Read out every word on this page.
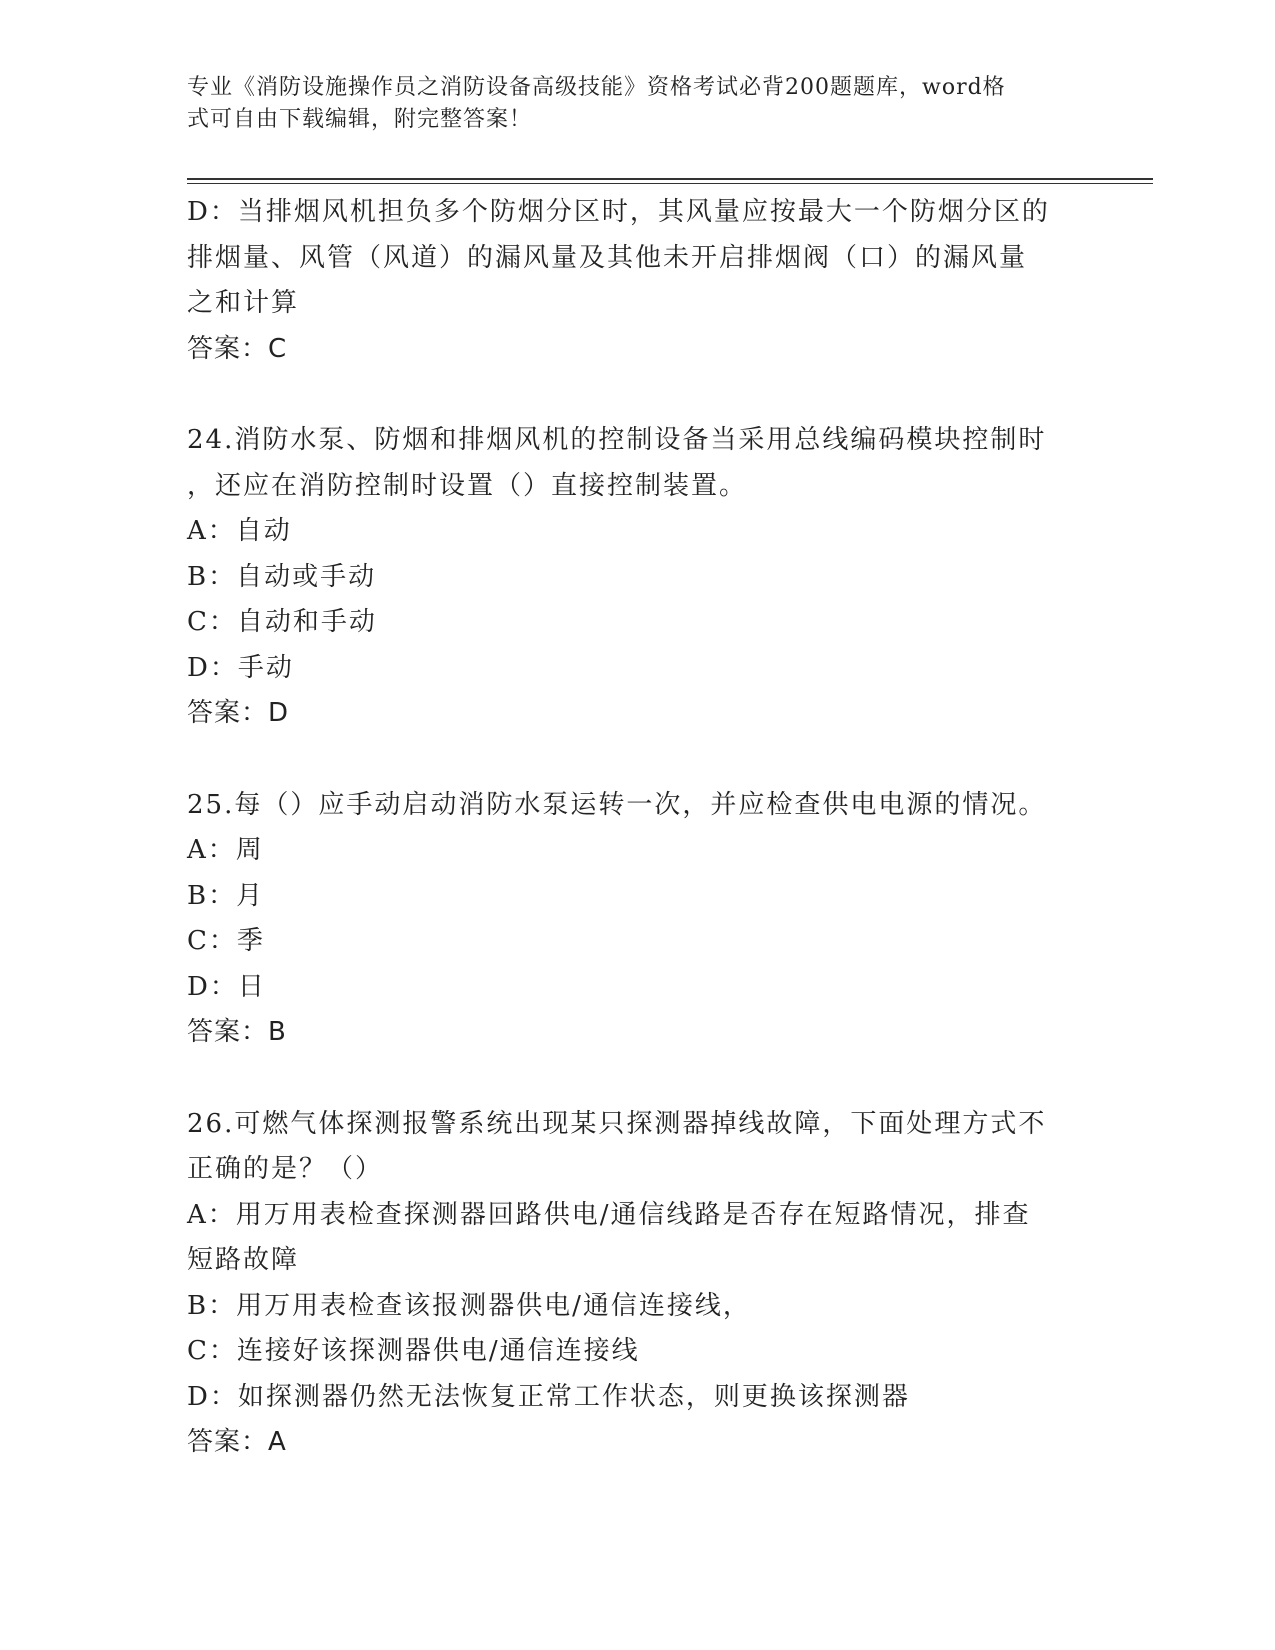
专业《消防设施操作员之消防设备高级技能》资格考试必背200题题库，word格
式可自由下载编辑，附完整答案！
D：当排烟风机担负多个防烟分区时，其风量应按最大一个防烟分区的
排烟量、风管（风道）的漏风量及其他未开启排烟阀（口）的漏风量
之和计算
答案：C
24.消防水泵、防烟和排烟风机的控制设备当采用总线编码模块控制时
，还应在消防控制时设置（）直接控制装置。
A：自动
B：自动或手动
C：自动和手动
D：手动
答案：D
25.每（）应手动启动消防水泵运转一次，并应检查供电电源的情况。
A：周
B：月
C：季
D：日
答案：B
26.可燃气体探测报警系统出现某只探测器掉线故障，下面处理方式不
正确的是？（）
A：用万用表检查探测器回路供电/通信线路是否存在短路情况，排查
短路故障
B：用万用表检查该报测器供电/通信连接线，
C：连接好该探测器供电/通信连接线
D：如探测器仍然无法恢复正常工作状态，则更换该探测器
答案：A
